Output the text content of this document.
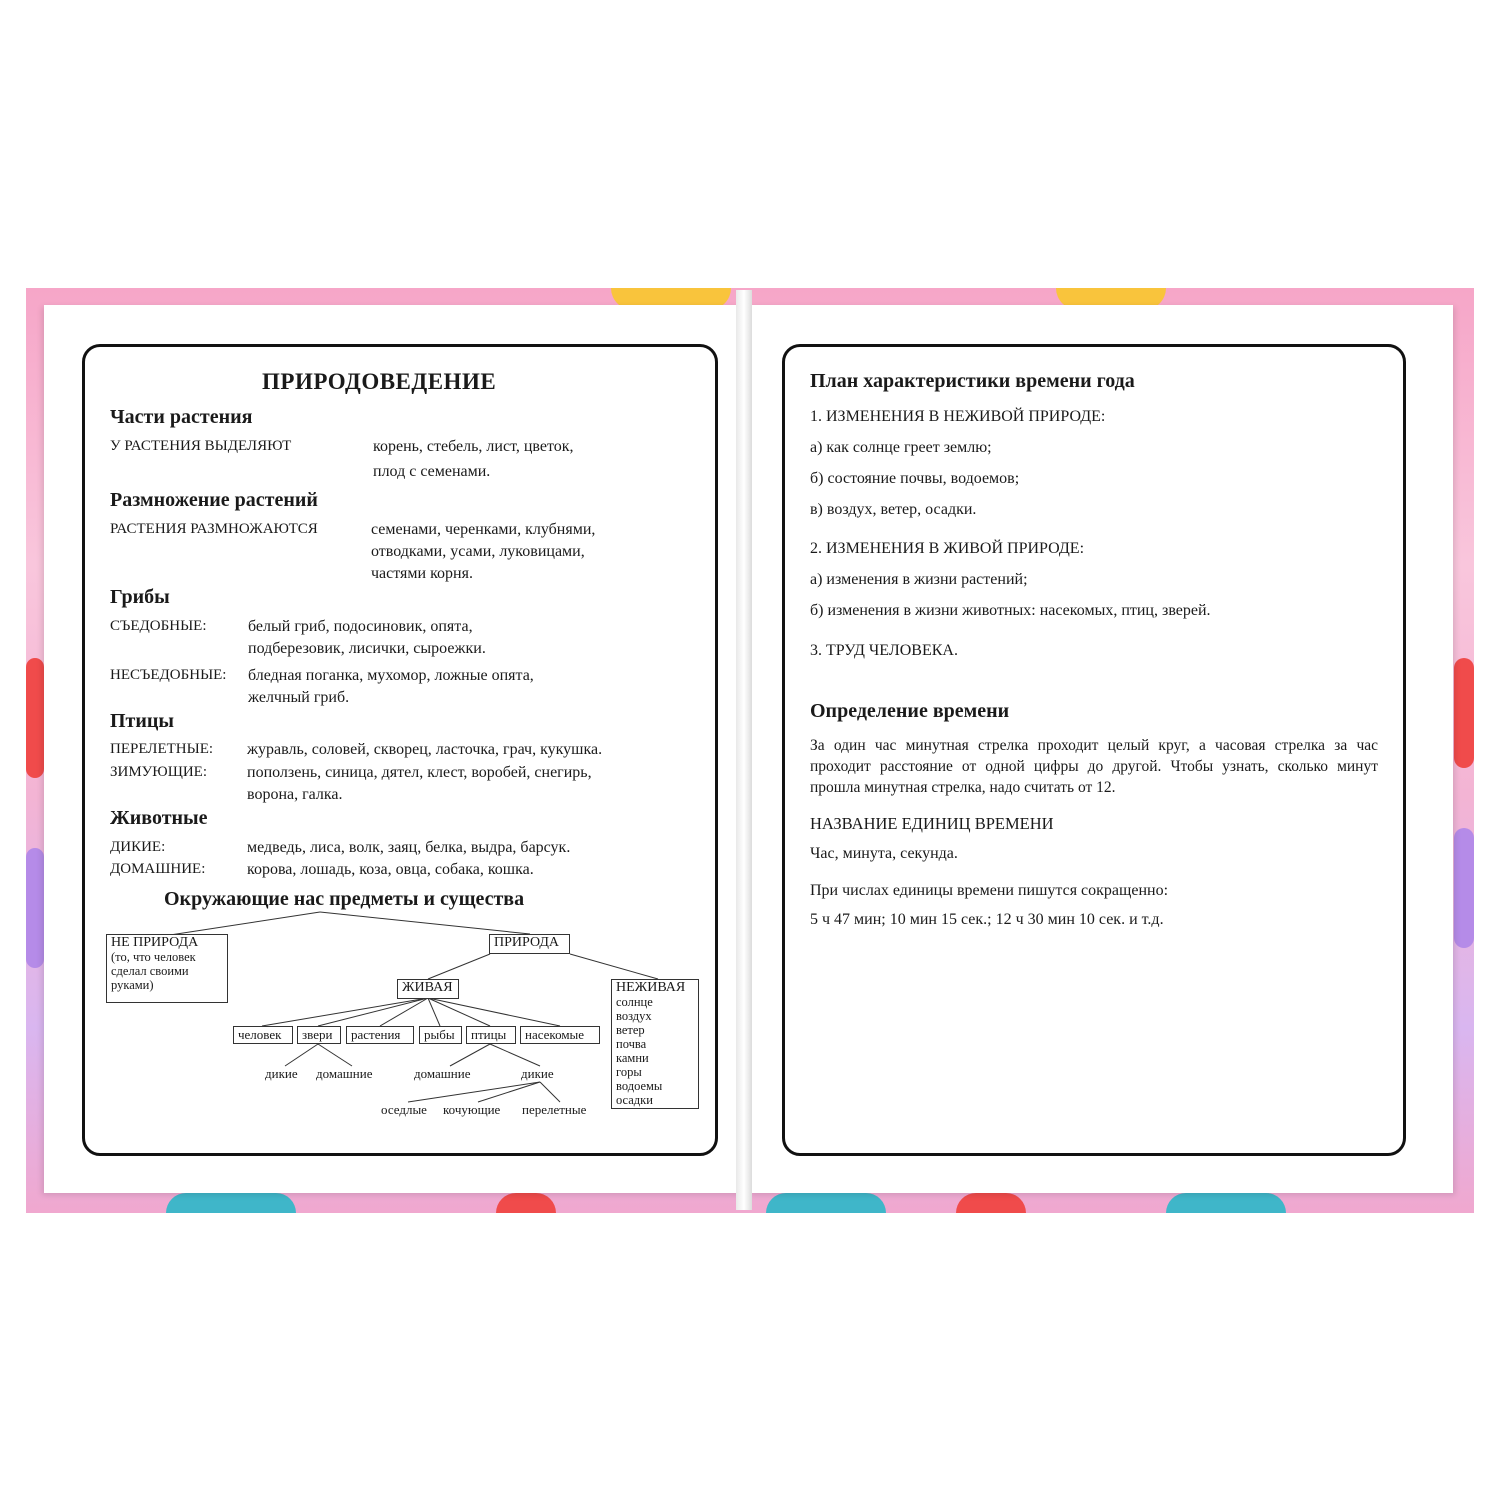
ПРИРОДОВЕДЕНИЕ
Части растения
У РАСТЕНИЯ ВЫДЕЛЯЮТ	корень, стебель, лист, цветок,
плод с семенами.
Размножение растений
РАСТЕНИЯ РАЗМНОЖАЮТСЯ	семенами, черенками, клубнями,
отводками, усами, луковицами,
частями корня.
Грибы
СЪЕДОБНЫЕ:	белый гриб, подосиновик, опята,
подберезовик, лисички, сыроежки.
НЕСЪЕДОБНЫЕ: бледная поганка, мухомор, ложные опята,
желчный гриб.
Птицы
ПЕРЕЛЕТНЫЕ: журавль, соловей, скворец, ласточка, грач, кукушка.
ЗИМУЮЩИЕ: поползень, синица, дятел, клест, воробей, снегирь,
ворона, галка.
Животные
ДИКИЕ:	медведь, лиса, волк, заяц, белка, выдра, барсук.
ДОМАШНИЕ:	корова, лошадь, коза, овца, собака, кошка.
Окружающие нас предметы и существа
НЕ ПРИРОДА
(то, что человек
сделал своими
руками)
ПРИРОДА
ЖИВАЯ	НЕЖИВАЯ
солнце
воздух
ветер
почва
камни
горы
водоемы
осадки
человек	звери	растения	рыбы	птицы	насекомые
дикие домашние	домашние	дикие
оседлые кочующие перелетные
План характеристики времени года
1. ИЗМЕНЕНИЯ В НЕЖИВОЙ ПРИРОДЕ:
а) как солнце греет землю;
б) состояние почвы, водоемов;
в) воздух, ветер, осадки.
2. ИЗМЕНЕНИЯ В ЖИВОЙ ПРИРОДЕ:
а) изменения в жизни растений;
б) изменения в жизни животных: насекомых, птиц, зверей.
3. ТРУД ЧЕЛОВЕКА.
Определение времени
За один час минутная стрелка проходит целый круг, а часовая стрелка за час проходит расстояние от одной цифры до другой. Чтобы узнать, сколько минут прошла минутная стрелка, надо считать от 12.
НАЗВАНИЕ ЕДИНИЦ ВРЕМЕНИ
Час, минута, секунда.
При числах единицы времени пишутся сокращенно:
5 ч 47 мин; 10 мин 15 сек.; 12 ч 30 мин 10 сек. и т.д.
